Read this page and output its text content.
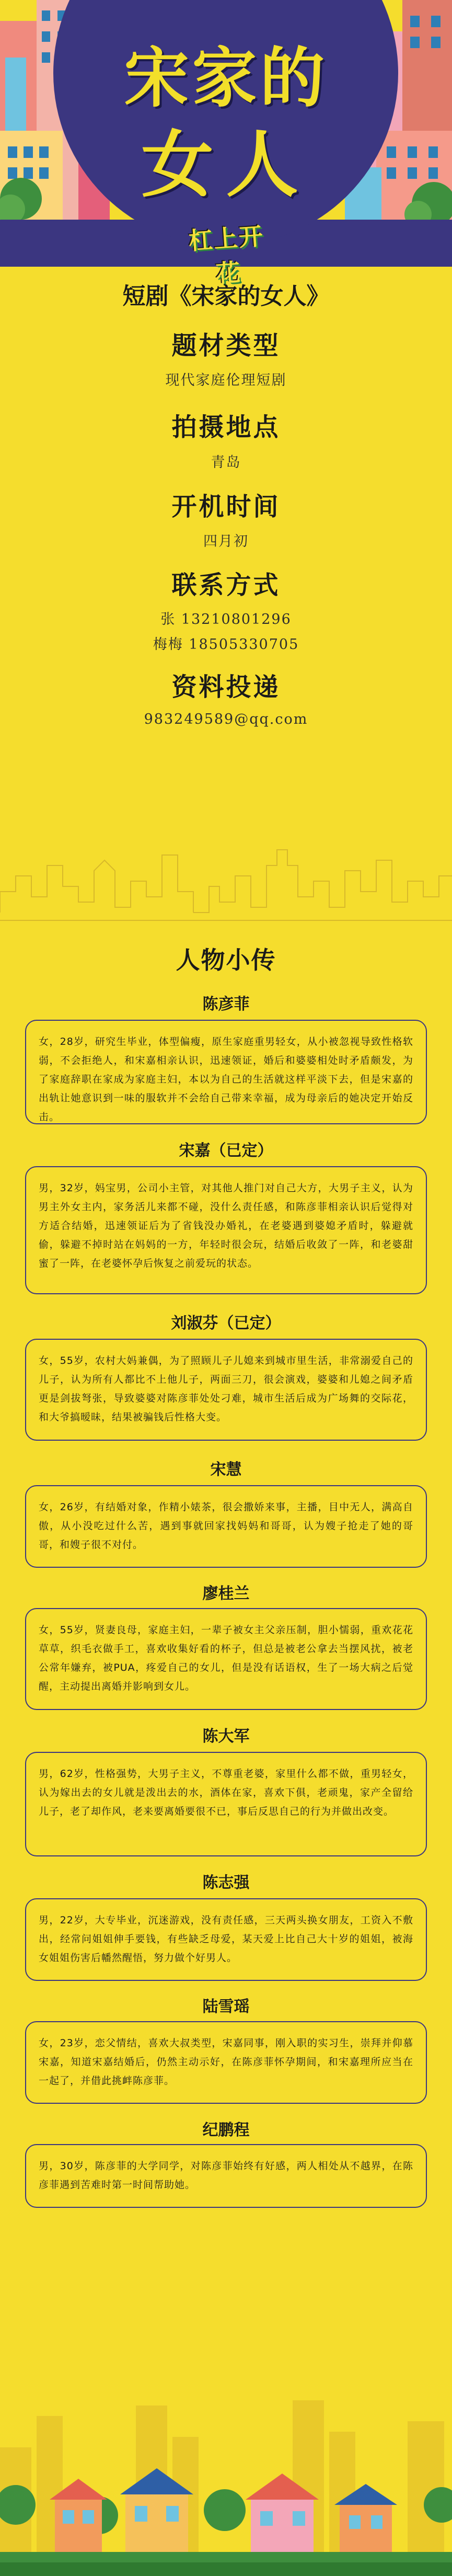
宋家的
女人
杠上开花
短剧《宋家的女人》
题材类型
现代家庭伦理短剧
拍摄地点
青岛
开机时间
四月初
联系方式
张 13210801296
梅梅 18505330705
资料投递
983249589@qq.com
人物小传
陈彦菲

女，28岁，研究生毕业，体型偏瘦，原生家庭重男轻女，从小被忽视导致性格软弱，不会拒绝人，和宋嘉相亲认识，迅速领证，婚后和婆婆相处时矛盾颇发，为了家庭辞职在家成为家庭主妇，本以为自己的生活就这样平淡下去，但是宋嘉的出轨让她意识到一味的服软并不会给自己带来幸福，成为母亲后的她决定开始反击。

宋嘉（已定）

男，32岁，妈宝男，公司小主管，对其他人推门对自己大方，大男子主义，认为男主外女主内，家务活儿来都不碰，没什么责任感，和陈彦菲相亲认识后觉得对方适合结婚，迅速领证后为了省钱没办婚礼，在老婆遇到婆媳矛盾时，躲避就偷，躲避不掉时站在妈妈的一方，年轻时很会玩，结婚后收敛了一阵，和老婆甜蜜了一阵，在老婆怀孕后恢复之前爱玩的状态。

刘淑芬（已定）

女，55岁，农村大妈兼偶，为了照顾儿子儿媳来到城市里生活，非常溺爱自己的儿子，认为所有人都比不上他儿子，两面三刀，很会演戏，婆婆和儿媳之间矛盾更是剑拔弩张，导致婆婆对陈彦菲处处刁难，城市生活后成为广场舞的交际花，和大爷搞暧昧，结果被骗钱后性格大变。

宋慧

女，26岁，有结婚对象，作精小婊茶，很会撒娇来事，主播，目中无人，满高自傲，从小没吃过什么苦，遇到事就回家找妈妈和哥哥，认为嫂子抢走了她的哥哥，和嫂子很不对付。

廖桂兰

女，55岁，贤妻良母，家庭主妇，一辈子被女主父亲压制，胆小懦弱，重欢花花草草，织毛衣做手工，喜欢收集好看的杯子，但总是被老公拿去当摆风扰，被老公常年嫌弃，被PUA，疼爱自己的女儿，但是没有话语权，生了一场大病之后觉醒，主动提出离婚并影响到女儿。

陈大军

男，62岁，性格强势，大男子主义，不尊重老婆，家里什么都不做，重男轻女，认为嫁出去的女儿就是泼出去的水，酒体在家，喜欢下俱，老顽鬼，家产全留给儿子，老了却作风，老来要离婚要很不已，事后反思自己的行为并做出改变。

陈志强

男，22岁，大专毕业，沉迷游戏，没有责任感，三天两头换女朋友，工资入不敷出，经常问姐姐伸手要钱，有些缺乏母爱，某天爱上比自己大十岁的姐姐，被海女姐姐伤害后幡然醒悟，努力做个好男人。

陆雪瑶

女，23岁，恋父情结，喜欢大叔类型，宋嘉同事，刚入职的实习生，崇拜并仰慕宋嘉，知道宋嘉结婚后，仍然主动示好，在陈彦菲怀孕期间，和宋嘉理所应当在一起了，并借此挑衅陈彦菲。

纪鹏程

男，30岁，陈彦菲的大学同学，对陈彦菲始终有好感，两人相处从不越界，在陈彦菲遇到苦难时第一时间帮助她。
